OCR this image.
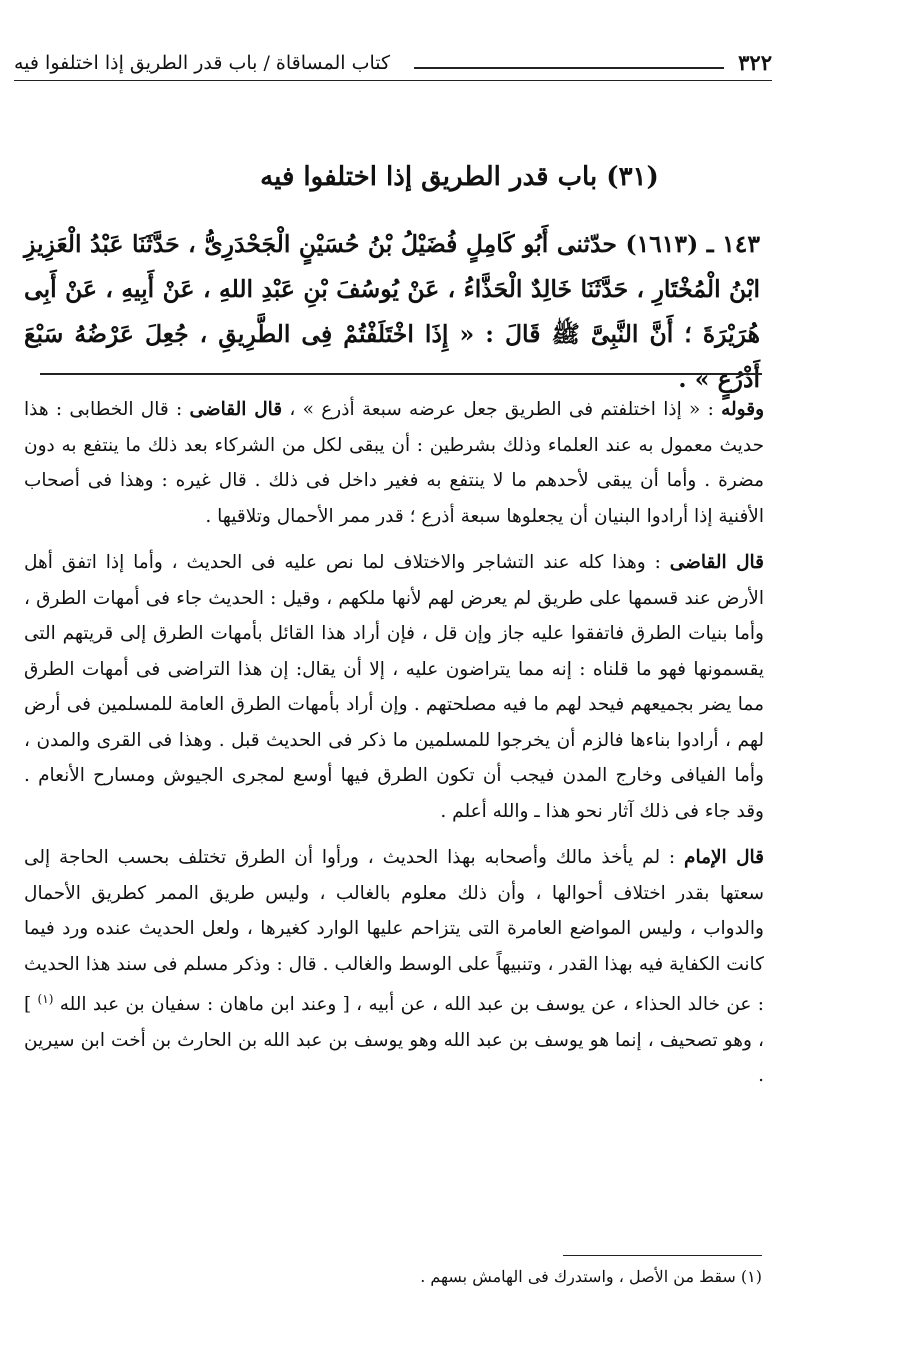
٣٢٢
كتاب المساقاة / باب قدر الطريق إذا اختلفوا فيه
(٣١) باب قدر الطريق إذا اختلفوا فيه

١٤٣ ـ (١٦١٣) حدّثنى أَبُو كَامِلٍ فُضَيْلُ بْنُ حُسَيْنٍ الْجَحْدَرِىُّ ، حَدَّثَنَا عَبْدُ الْعَزِيزِ ابْنُ الْمُخْتَارِ ، حَدَّثَنَا خَالِدٌ الْحَذَّاءُ ، عَنْ يُوسُفَ بْنِ عَبْدِ اللهِ ، عَنْ أَبِيهِ ، عَنْ أَبِى هُرَيْرَةَ ؛ أَنَّ النَّبِىَّ ﷺ قَالَ : « إِذَا اخْتَلَفْتُمْ فِى الطَّرِيقِ ، جُعِلَ عَرْضُهُ سَبْعَ أَذْرُعٍ » .

وقوله : « إذا اختلفتم فى الطريق جعل عرضه سبعة أذرع » ، قال القاضى : قال الخطابى : هذا حديث معمول به عند العلماء وذلك بشرطين : أن يبقى لكل من الشركاء بعد ذلك ما ينتفع به دون مضرة . وأما أن يبقى لأحدهم ما لا ينتفع به فغير داخل فى ذلك . قال غيره : وهذا فى أصحاب الأفنية إذا أرادوا البنيان أن يجعلوها سبعة أذرع ؛ قدر ممر الأحمال وتلاقيها .

قال القاضى : وهذا كله عند التشاجر والاختلاف لما نص عليه فى الحديث ، وأما إذا اتفق أهل الأرض عند قسمها على طريق لم يعرض لهم لأنها ملكهم ، وقيل : الحديث جاء فى أمهات الطرق ، وأما بنيات الطرق فاتفقوا عليه جاز وإن قل ، فإن أراد هذا القائل بأمهات الطرق إلى قريتهم التى يقسمونها فهو ما قلناه : إنه مما يتراضون عليه ، إلا أن يقال: إن هذا التراضى فى أمهات الطرق مما يضر بجميعهم فيحد لهم ما فيه مصلحتهم . وإن أراد بأمهات الطرق العامة للمسلمين فى أرض لهم ، أرادوا بناءها فالزم أن يخرجوا للمسلمين ما ذكر فى الحديث قبل . وهذا فى القرى والمدن ، وأما الفيافى وخارج المدن فيجب أن تكون الطرق فيها أوسع لمجرى الجيوش ومسارح الأنعام . وقد جاء فى ذلك آثار نحو هذا ـ والله أعلم .

قال الإمام : لم يأخذ مالك وأصحابه بهذا الحديث ، ورأوا أن الطرق تختلف بحسب الحاجة إلى سعتها بقدر اختلاف أحوالها ، وأن ذلك معلوم بالغالب ، وليس طريق الممر كطريق الأحمال والدواب ، وليس المواضع العامرة التى يتزاحم عليها الوارد كغيرها ، ولعل الحديث عنده ورد فيما كانت الكفاية فيه بهذا القدر ، وتنبيهاً على الوسط والغالب . قال : وذكر مسلم فى سند هذا الحديث : عن خالد الحذاء ، عن يوسف بن عبد الله ، عن أبيه ، [ وعند ابن ماهان : سفيان بن عبد الله $^{(١)}$ ] ، وهو تصحيف ، إنما هو يوسف بن عبد الله وهو يوسف بن عبد الله بن الحارث بن أخت ابن سيرين .

(١) سقط من الأصل ، واستدرك فى الهامش بسهم .
